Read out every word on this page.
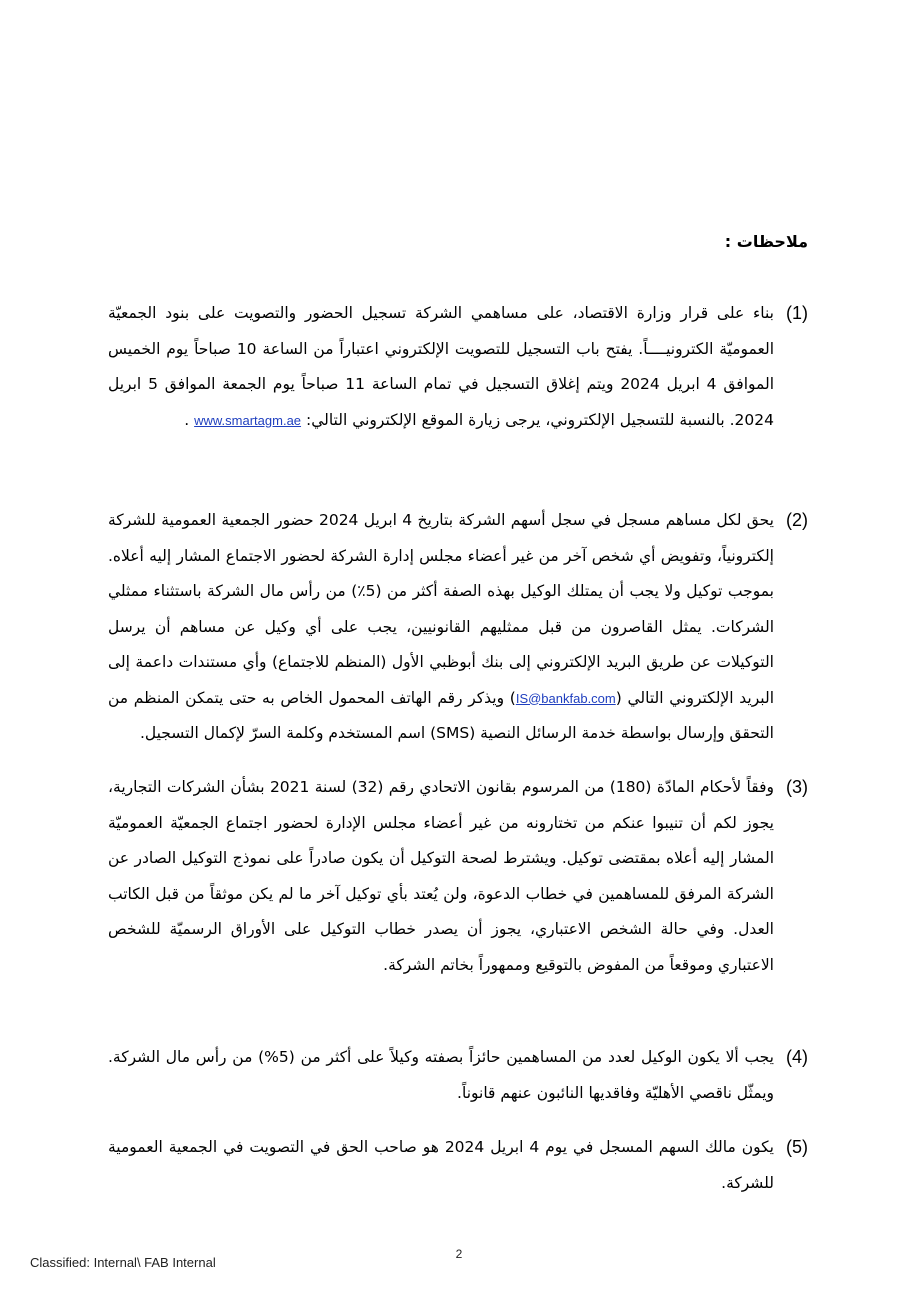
ملاحظات :
(1)
بناء على قرار وزارة الاقتصاد، على مساهمي الشركة تسجيل الحضور والتصويت على بنود الجمعيّة العموميّة الكترونيــــاً. يفتح باب التسجيل للتصويت الإلكتروني اعتباراً من الساعة 10 صباحاً يوم الخميس الموافق 4 ابريل 2024 ويتم إغلاق التسجيل في تمام الساعة 11 صباحاً يوم الجمعة الموافق 5 ابريل 2024. بالنسبة للتسجيل الإلكتروني، يرجى زيارة الموقع الإلكتروني التالي: www.smartagm.ae .
(2)
يحق لكل مساهم مسجل في سجل أسهم الشركة بتاريخ 4 ابريل 2024 حضور الجمعية العمومية للشركة إلكترونياً، وتفويض أي شخص آخر من غير أعضاء مجلس إدارة الشركة لحضور الاجتماع المشار إليه أعلاه. بموجب توكيل ولا يجب أن يمتلك الوكيل بهذه الصفة أكثر من (5٪) من رأس مال الشركة باستثناء ممثلي الشركات. يمثل القاصرون من قبل ممثليهم القانونيين، يجب على أي وكيل عن مساهم أن يرسل التوكيلات عن طريق البريد الإلكتروني إلى بنك أبوظبي الأول (المنظم للاجتماع) وأي مستندات داعمة إلى البريد الإلكتروني التالي (IS@bankfab.com) ويذكر رقم الهاتف المحمول الخاص به حتى يتمكن المنظم من التحقق وإرسال بواسطة خدمة الرسائل النصية (SMS) اسم المستخدم وكلمة السرّ لإكمال التسجيل.
(3)
وفقاً لأحكام المادّة (180) من المرسوم بقانون الاتحادي رقم (32) لسنة 2021 بشأن الشركات التجارية، يجوز لكم أن تنيبوا عنكم من تختارونه من غير أعضاء مجلس الإدارة لحضور اجتماع الجمعيّة العموميّة المشار إليه أعلاه بمقتضى توكيل. ويشترط لصحة التوكيل أن يكون صادراً على نموذج التوكيل الصادر عن الشركة المرفق للمساهمين في خطاب الدعوة، ولن يُعتد بأي توكيل آخر ما لم يكن موثقاً من قبل الكاتب العدل. وفي حالة الشخص الاعتباري، يجوز أن يصدر خطاب التوكيل على الأوراق الرسميّة للشخص الاعتباري وموقعاً من المفوض بالتوقيع وممهوراً بخاتم الشركة.
(4)
يجب ألا يكون الوكيل لعدد من المساهمين حائزاً بصفته وكيلاً على أكثر من (5%) من رأس مال الشركة. ويمثّل ناقصي الأهليّة وفاقديها النائبون عنهم قانوناً.
(5)
يكون مالك السهم المسجل في يوم 4 ابريل 2024 هو صاحب الحق في التصويت في الجمعية العمومية للشركة.
2
Classified: Internal\ FAB Internal
